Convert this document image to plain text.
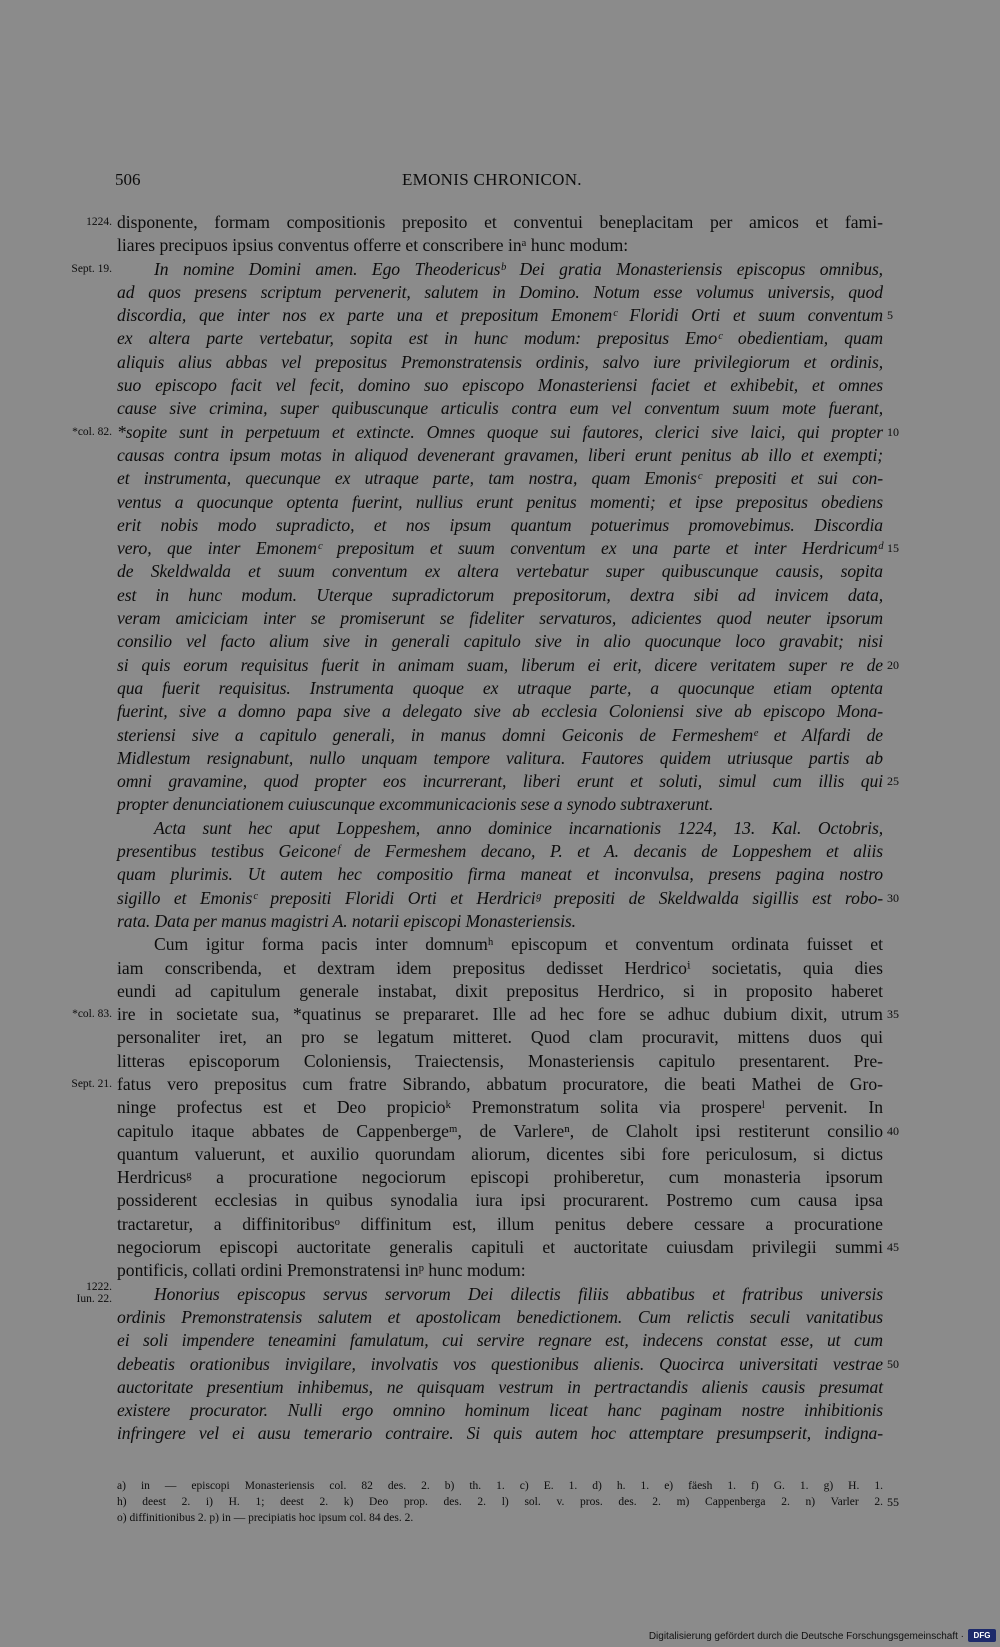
506	EMONIS CHRONICON.
1224. disponente, formam compositionis preposito et conventui beneplacitam per amicos et fami-
liares precipuos ipsius conventus offerre et conscribere inᵃ hunc modum:
Sept. 19. In nomine Domini amen. Ego Theodericusᵇ Dei gratia Monasteriensis episcopus omnibus,
ad quos presens scriptum pervenerit, salutem in Domino. Notum esse volumus universis, quod
discordia, que inter nos ex parte una et prepositum Emonemᶜ Floridi Orti et suum conventum 5
ex altera parte vertebatur, sopita est in hunc modum: prepositus Emoᶜ obedientiam, quam
aliquis alius abbas vel prepositus Premonstratensis ordinis, salvo iure privilegiorum et ordinis,
suo episcopo facit vel fecit, domino suo episcopo Monasteriensi faciet et exhibebit, et omnes
cause sive crimina, super quibuscunque articulis contra eum vel conventum suum mote fuerant,
*col. 82. *sopite sunt in perpetuum et extincte. Omnes quoque sui fautores, clerici sive laici, qui propter 10
causas contra ipsum motas in aliquod devenerant gravamen, liberi erunt penitus ab illo et exempti;
et instrumenta, quecunque ex utraque parte, tam nostra, quam Emonisᶜ prepositi et sui con-
ventus a quocunque optenta fuerint, nullius erunt penitus momenti; et ipse prepositus obediens
erit nobis modo supradicto, et nos ipsum quantum potuerimus promovebimus. Discordia
vero, que inter Emonemᶜ prepositum et suum conventum ex una parte et inter Herdricumᵈ 15
de Skeldwalda et suum conventum ex altera vertebatur super quibuscunque causis, sopita
est in hunc modum. Uterque supradictorum prepositorum, dextra sibi ad invicem data,
veram amiciciam inter se promiserunt se fideliter servaturos, adicientes quod neuter ipsorum
consilio vel facto alium sive in generali capitulo sive in alio quocunque loco gravabit; nisi
si quis eorum requisitus fuerit in animam suam, liberum ei erit, dicere veritatem super re de 20
qua fuerit requisitus. Instrumenta quoque ex utraque parte, a quocunque etiam optenta
fuerint, sive a domno papa sive a delegato sive ab ecclesia Coloniensi sive ab episcopo Mona-
steriensi sive a capitulo generali, in manus domni Geiconis de Fermeshemᵉ et Alfardi de
Midlestum resignabunt, nullo unquam tempore valitura. Fautores quidem utriusque partis ab
omni gravamine, quod propter eos incurrerant, liberi erunt et soluti, simul cum illis qui 25
propter denunciationem cuiuscunque excommunicacionis sese a synodo subtraxerunt.
Acta sunt hec aput Loppeshem, anno dominice incarnationis 1224, 13. Kal. Octobris,
presentibus testibus Geiconeᶠ de Fermeshem decano, P. et A. decanis de Loppeshem et aliis
quam plurimis. Ut autem hec compositio firma maneat et inconvulsa, presens pagina nostro
sigillo et Emonisᶜ prepositi Floridi Orti et Herdriciᵍ prepositi de Skeldwalda sigillis est robo- 30
rata. Data per manus magistri A. notarii episcopi Monasteriensis.
Cum igitur forma pacis inter domnumʰ episcopum et conventum ordinata fuisset et
iam conscribenda, et dextram idem prepositus dedisset Herdricoⁱ societatis, quia dies
eundi ad capitulum generale instabat, dixit prepositus Herdrico, si in proposito haberet
*col. 83. ire in societate sua, *quatinus se prepararet. Ille ad hec fore se adhuc dubium dixit, utrum 35
personaliter iret, an pro se legatum mitteret. Quod clam procuravit, mittens duos qui
litteras episcoporum Coloniensis, Traiectensis, Monasteriensis capitulo presentarent. Pre-
Sept. 21. fatus vero prepositus cum fratre Sibrando, abbatum procuratore, die beati Mathei de Gro-
ninge profectus est et Deo propicioᵏ Premonstratum solita via prospereˡ pervenit. In
capitulo itaque abbates de Cappenbergeᵐ, de Varlereⁿ, de Claholt ipsi restiterunt consilio 40
quantum valuerunt, et auxilio quorundam aliorum, dicentes sibi fore periculosum, si dictus
Herdricusᵍ a procuratione negociorum episcopi prohiberetur, cum monasteria ipsorum
possiderent ecclesias in quibus synodalia iura ipsi procurarent. Postremo cum causa ipsa
tractaretur, a diffinitoribusᵒ diffinitum est, illum penitus debere cessare a procuratione
negociorum episcopi auctoritate generalis capituli et auctoritate cuiusdam privilegii summi 45
pontificis, collati ordini Premonstratensi inᵖ hunc modum:
1222.
Iun. 22. Honorius episcopus servus servorum Dei dilectis filiis abbatibus et fratribus universis
ordinis Premonstratensis salutem et apostolicam benedictionem. Cum relictis seculi vanitatibus
ei soli impendere teneamini famulatum, cui servire regnare est, indecens constat esse, ut cum
debeatis orationibus invigilare, involvatis vos questionibus alienis. Quocirca universitati vestrae 50
auctoritate presentium inhibemus, ne quisquam vestrum in pertractandis alienis causis presumat
existere procurator. Nulli ergo omnino hominum liceat hanc paginam nostre inhibitionis
infringere vel ei ausu temerario contraire. Si quis autem hoc attemptare presumpserit, indigna-
a) in — episcopi Monasteriensis col. 82 des. 2. b) th. 1. c) E. 1. d) h. 1. e) fäesh 1. f) G. 1. g) H. 1.
h) deest 2. i) H. 1; deest 2. k) Deo prop. des. 2. l) sol. v. pros. des. 2. m) Cappenberga 2. n) Varler 2. 55
o) diffinitionibus 2. p) in — precipiatis hoc ipsum col. 84 des. 2.
Digitalisierung gefördert durch die Deutsche Forschungsgemeinschaft ·	DFG
